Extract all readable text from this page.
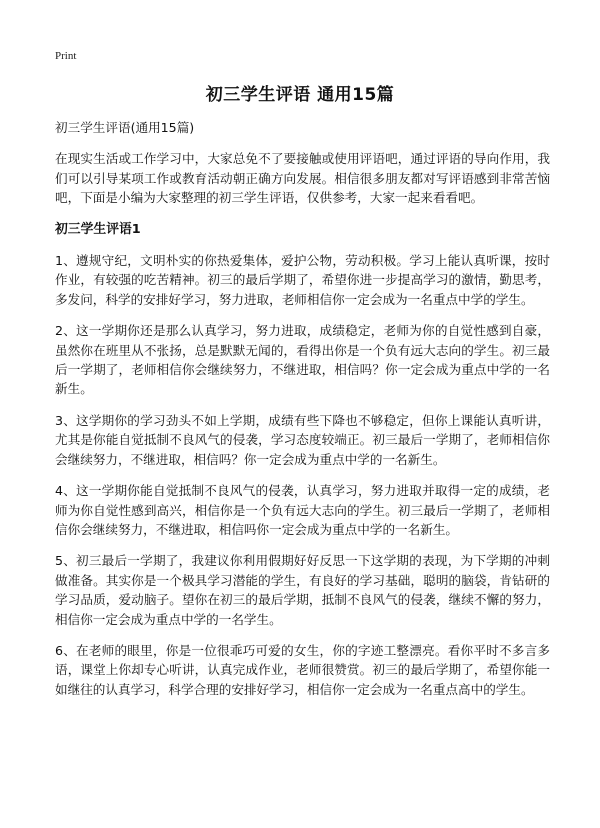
Print
初三学生评语 通用15篇
初三学生评语(通用15篇)
在现实生活或工作学习中，大家总免不了要接触或使用评语吧，通过评语的导向作用，我们可以引导某项工作或教育活动朝正确方向发展。相信很多朋友都对写评语感到非常苦恼吧，下面是小编为大家整理的初三学生评语，仅供参考，大家一起来看看吧。
初三学生评语1
1、遵规守纪，文明朴实的你热爱集体，爱护公物，劳动积极。学习上能认真听课，按时作业，有较强的吃苦精神。初三的最后学期了，希望你进一步提高学习的激情，勤思考，多发问，科学的安排好学习，努力进取，老师相信你一定会成为一名重点中学的学生。
2、这一学期你还是那么认真学习，努力进取，成绩稳定，老师为你的自觉性感到自豪，虽然你在班里从不张扬，总是默默无闻的，看得出你是一个负有远大志向的学生。初三最后一学期了，老师相信你会继续努力，不继进取，相信吗？你一定会成为重点中学的一名新生。
3、这学期你的学习劲头不如上学期，成绩有些下降也不够稳定，但你上课能认真听讲，尤其是你能自觉抵制不良风气的侵袭，学习态度较端正。初三最后一学期了，老师相信你会继续努力，不继进取，相信吗？你一定会成为重点中学的一名新生。
4、这一学期你能自觉抵制不良风气的侵袭，认真学习，努力进取并取得一定的成绩，老师为你自觉性感到高兴，相信你是一个负有远大志向的学生。初三最后一学期了，老师相信你会继续努力，不继进取，相信吗你一定会成为重点中学的一名新生。
5、初三最后一学期了，我建议你利用假期好好反思一下这学期的表现，为下学期的冲刺做准备。其实你是一个极具学习潜能的学生，有良好的学习基础，聪明的脑袋，肯钻研的学习品质，爱动脑子。望你在初三的最后学期，抵制不良风气的侵袭，继续不懈的努力，相信你一定会成为重点中学的一名学生。
6、在老师的眼里，你是一位很乖巧可爱的女生，你的字迹工整漂亮。看你平时不多言多语，课堂上你却专心听讲，认真完成作业，老师很赞赏。初三的最后学期了，希望你能一如继往的认真学习，科学合理的安排好学习，相信你一定会成为一名重点高中的学生。
